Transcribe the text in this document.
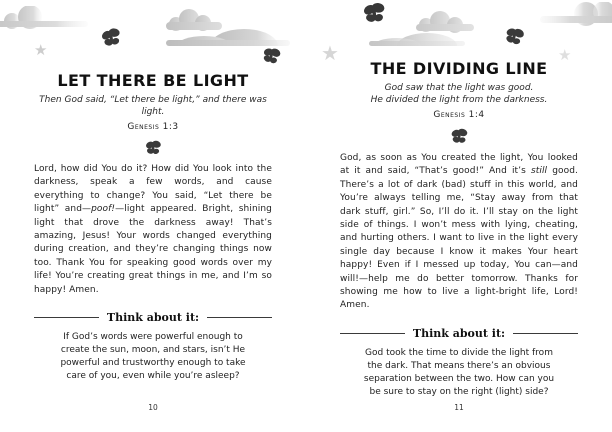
★	★	★
LET THERE BE LIGHT
Then God said, “Let there be light,” and there was light.
Genesis 1:3
Lord, how did You do it? How did You look into the darkness, speak a few words, and cause everything to change? You said, “Let there be light” and—poof!—light appeared. Bright, shining light that drove the darkness away! That’s amazing, Jesus! Your words changed everything during creation, and they’re changing things now too. Thank You for speaking good words over my life! You’re creating great things in me, and I’m so happy! Amen.
Think about it:
If God’s words were powerful enough to create the sun, moon, and stars, isn’t He powerful and trustworthy enough to take care of you, even while you’re asleep?
10
THE DIVIDING LINE
God saw that the light was good.
He divided the light from the darkness.
Genesis 1:4
God, as soon as You created the light, You looked at it and said, “That’s good!” And it’s still good. There’s a lot of dark (bad) stuff in this world, and You’re always telling me, “Stay away from that dark stuff, girl.” So, I’ll do it. I’ll stay on the light side of things. I won’t mess with lying, cheating, and hurting others. I want to live in the light every single day because I know it makes Your heart happy! Even if I messed up today, You can—and will!—help me do better tomorrow. Thanks for showing me how to live a light-bright life, Lord! Amen.
Think about it:
God took the time to divide the light from the dark. That means there’s an obvious separation between the two. How can you be sure to stay on the right (light) side?
11
